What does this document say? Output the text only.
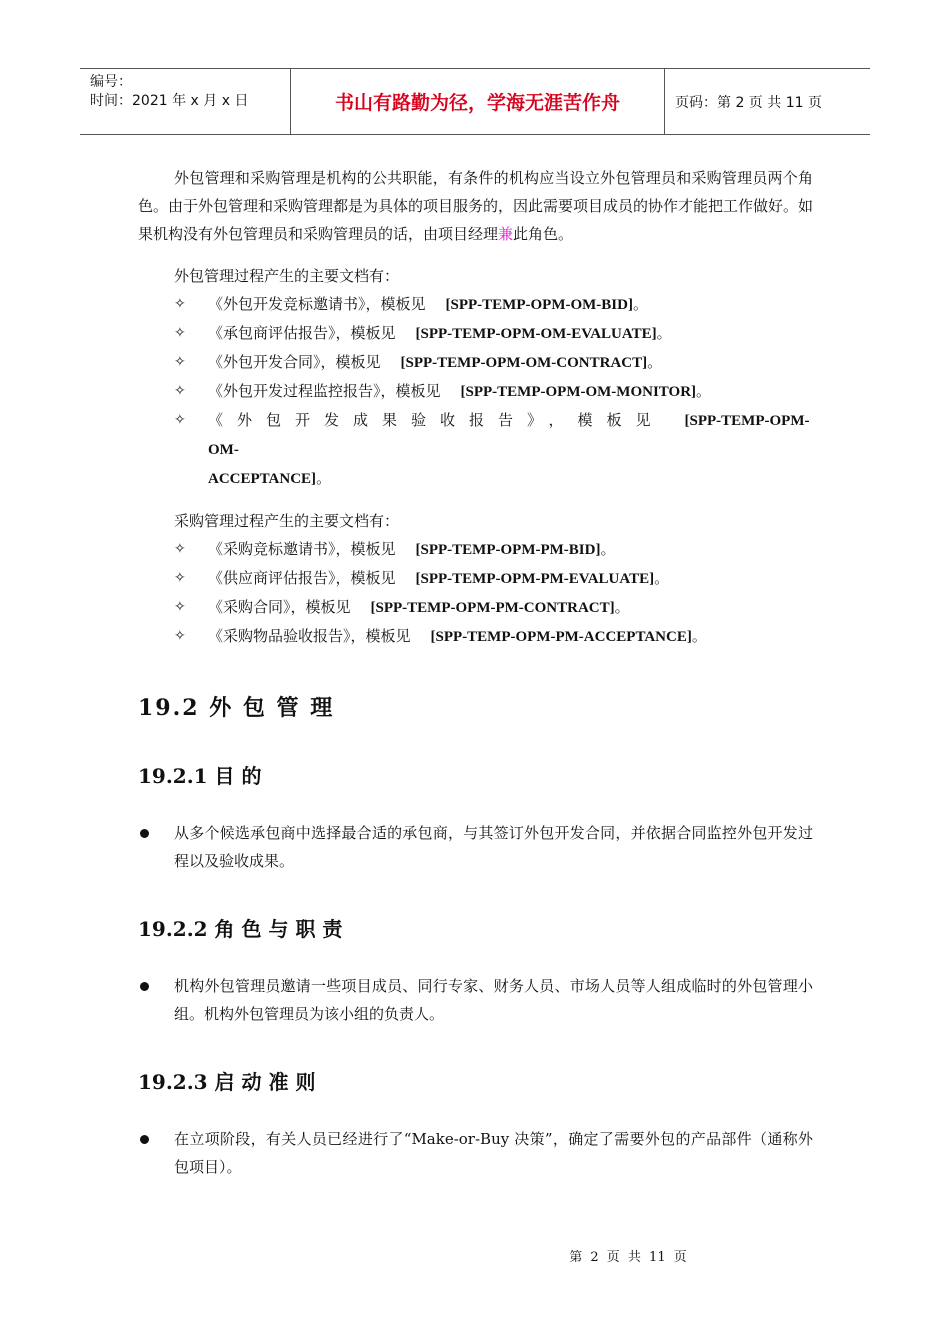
编号：
时间：2021 年 x 月 x 日	书山有路勤为径，学海无涯苦作舟	页码：第 2 页 共 11 页

外包管理和采购管理是机构的公共职能，有条件的机构应当设立外包管理员和采购管理员两个角色。由于外包管理和采购管理都是为具体的项目服务的，因此需要项目成员的协作才能把工作做好。如果机构没有外包管理员和采购管理员的话，由项目经理兼此角色。

外包管理过程产生的主要文档有：
✧ 《外包开发竞标邀请书》，模板见 [SPP-TEMP-OPM-OM-BID]。
✧ 《承包商评估报告》，模板见 [SPP-TEMP-OPM-OM-EVALUATE]。
✧ 《外包开发合同》，模板见 [SPP-TEMP-OPM-OM-CONTRACT]。
✧ 《外包开发过程监控报告》，模板见 [SPP-TEMP-OPM-OM-MONITOR]。
✧ 《外包开发成果验收报告》，模板见 [SPP-TEMP-OPM-OM-
ACCEPTANCE]。
采购管理过程产生的主要文档有：
✧ 《采购竞标邀请书》，模板见 [SPP-TEMP-OPM-PM-BID]。
✧ 《供应商评估报告》，模板见 [SPP-TEMP-OPM-PM-EVALUATE]。
✧ 《采购合同》，模板见 [SPP-TEMP-OPM-PM-CONTRACT]。
✧ 《采购物品验收报告》，模板见 [SPP-TEMP-OPM-PM-ACCEPTANCE]。
19.2 外 包 管 理
19.2.1 目 的
从多个候选承包商中选择最合适的承包商，与其签订外包开发合同，并依据合同监控外包开发过程以及验收成果。
19.2.2 角 色 与 职 责
机构外包管理员邀请一些项目成员、同行专家、财务人员、市场人员等人组成临时的外包管理小组。机构外包管理员为该小组的负责人。
19.2.3 启 动 准 则
在立项阶段，有关人员已经进行了“Make-or-Buy 决策”，确定了需要外包的产品部件（通称外包项目）。
第 2 页 共 11 页
